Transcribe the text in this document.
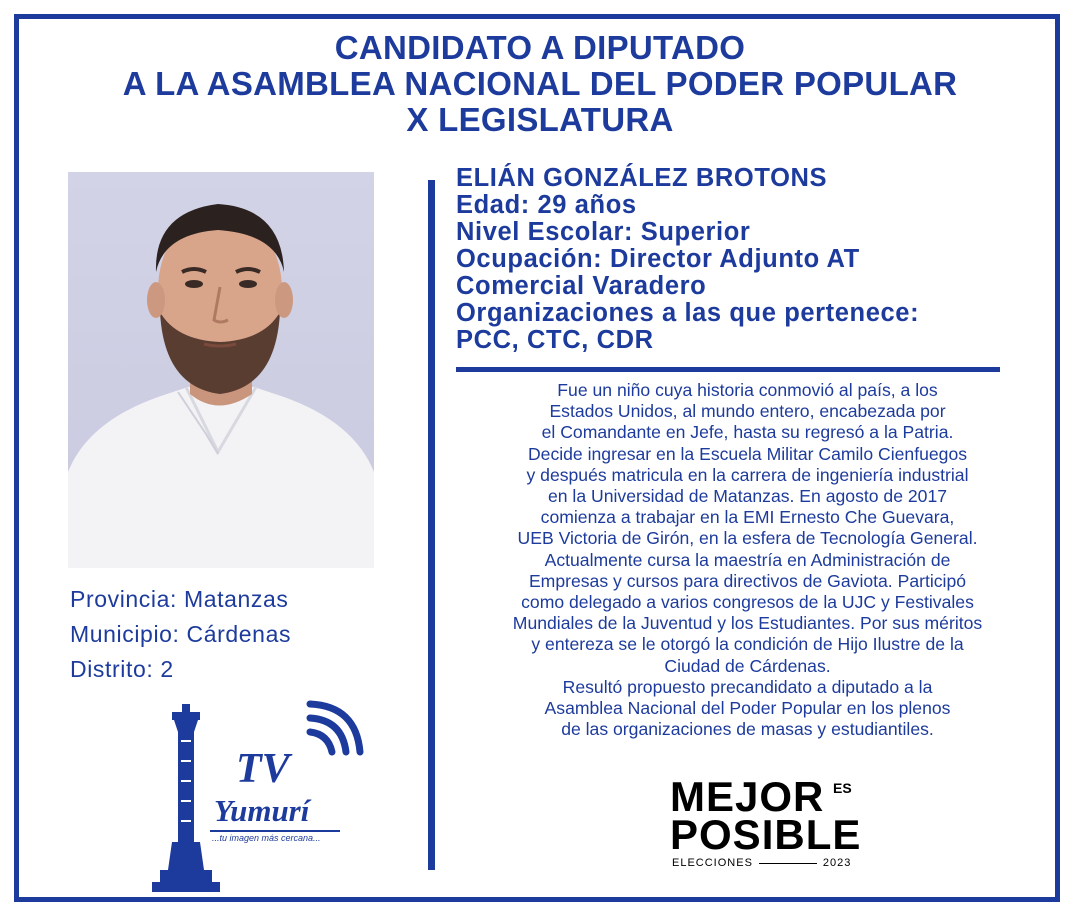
CANDIDATO A DIPUTADO
A LA ASAMBLEA NACIONAL DEL PODER POPULAR
X LEGISLATURA
Provincia: Matanzas
Municipio: Cárdenas
Distrito: 2
ELIÁN GONZÁLEZ BROTONS
Edad: 29 años
Nivel Escolar: Superior
Ocupación: Director Adjunto AT
Comercial Varadero
Organizaciones a las que pertenece:
PCC, CTC, CDR
Fue un niño cuya historia conmovió al país, a los
Estados Unidos, al mundo entero, encabezada por
el Comandante en Jefe, hasta su regresó a la Patria.
Decide ingresar en la Escuela Militar Camilo Cienfuegos
y después matricula en la carrera de ingeniería industrial
en la Universidad de Matanzas. En agosto de 2017
comienza a trabajar en la EMI Ernesto Che Guevara,
UEB Victoria de Girón, en la esfera de Tecnología General.
Actualmente cursa la maestría en Administración de
Empresas y cursos para directivos de Gaviota. Participó
como delegado a varios congresos de la UJC y Festivales
Mundiales de la Juventud y los Estudiantes. Por sus méritos
y entereza se le otorgó la condición de Hijo Ilustre de la
Ciudad de Cárdenas.
Resultó propuesto precandidato a diputado a la
Asamblea Nacional del Poder Popular en los plenos
de las organizaciones de masas y estudiantiles.
TV
Yumurí
...tu imagen más cercana...
MEJOR ES
POSIBLE
ELECCIONES	2023
